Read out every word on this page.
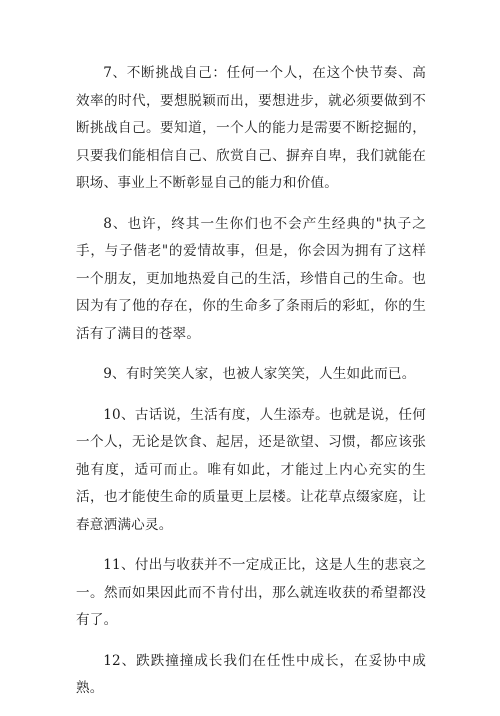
7、不断挑战自己：任何一个人，在这个快节奏、高效率的时代，要想脱颖而出，要想进步，就必须要做到不断挑战自己。要知道，一个人的能力是需要不断挖掘的，只要我们能相信自己、欣赏自己、摒弃自卑，我们就能在职场、事业上不断彰显自己的能力和价值。

8、也许，终其一生你们也不会产生经典的"执子之手，与子偕老"的爱情故事，但是，你会因为拥有了这样一个朋友，更加地热爱自己的生活，珍惜自己的生命。也因为有了他的存在，你的生命多了条雨后的彩虹，你的生活有了满目的苍翠。

9、有时笑笑人家，也被人家笑笑，人生如此而已。

10、古话说，生活有度，人生添寿。也就是说，任何一个人，无论是饮食、起居，还是欲望、习惯，都应该张弛有度，适可而止。唯有如此，才能过上内心充实的生活，也才能使生命的质量更上层楼。让花草点缀家庭，让春意洒满心灵。

11、付出与收获并不一定成正比，这是人生的悲哀之一。然而如果因此而不肯付出，那么就连收获的希望都没有了。

12、跌跌撞撞成长我们在任性中成长，在妥协中成熟。
